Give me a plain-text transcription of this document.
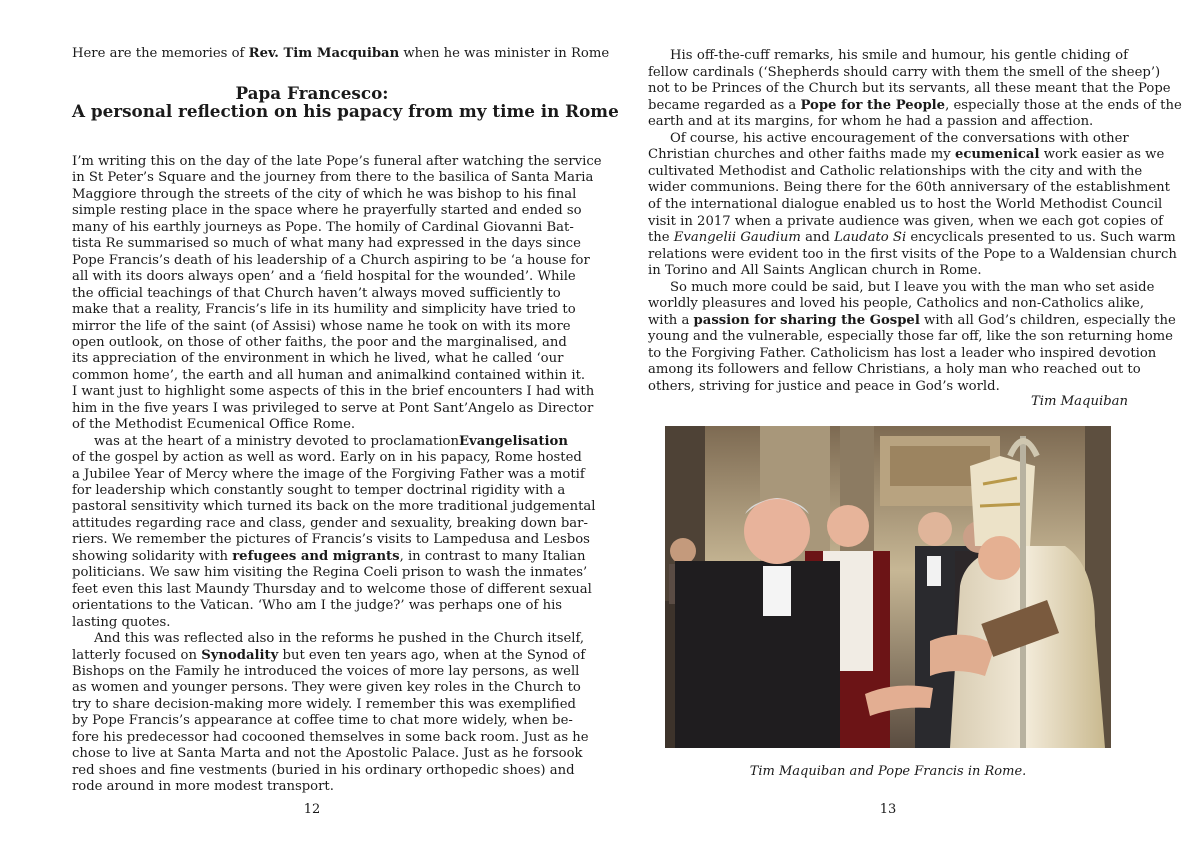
Here are the memories of Rev. Tim Macquiban when he was minister in Rome
Papa Francesco:
A personal reflection on his papacy from my time in Rome
I’m writing this on the day of the late Pope’s funeral after watching the service
in St Peter’s Square and the journey from there to the basilica of Santa Maria
Maggiore through the streets of the city of which he was bishop to his final
simple resting place in the space where he prayerfully started and ended so
many of his earthly journeys as Pope. The homily of Cardinal Giovanni Bat-
tista Re summarised so much of what many had expressed in the days since
Pope Francis’s death of his leadership of a Church aspiring to be ‘a house for
all with its doors always open’ and a ‘field hospital for the wounded’. While
the official teachings of that Church haven’t always moved sufficiently to
make that a reality, Francis’s life in its humility and simplicity have tried to
mirror the life of the saint (of Assisi) whose name he took on with its more
open outlook, on those of other faiths, the poor and the marginalised, and
its appreciation of the environment in which he lived, what he called ‘our
common home’, the earth and all human and animalkind contained within it.
I want just to highlight some aspects of this in the brief encounters I had with
him in the five years I was privileged to serve at Pont Sant’Angelo as Director
of the Methodist Ecumenical Office Rome.
was at the heart of a ministry devoted to proclamationEvangelisation
of the gospel by action as well as word. Early on in his papacy, Rome hosted
a Jubilee Year of Mercy where the image of the Forgiving Father was a motif
for leadership which constantly sought to temper doctrinal rigidity with a
pastoral sensitivity which turned its back on the more traditional judgemental
attitudes regarding race and class, gender and sexuality, breaking down bar-
riers. We remember the pictures of Francis’s visits to Lampedusa and Lesbos
showing solidarity with refugees and migrants, in contrast to many Italian
politicians. We saw him visiting the Regina Coeli prison to wash the inmates’
feet even this last Maundy Thursday and to welcome those of different sexual
orientations to the Vatican. ‘Who am I the judge?’ was perhaps one of his
lasting quotes.
And this was reflected also in the reforms he pushed in the Church itself,
latterly focused on Synodality but even ten years ago, when at the Synod of
Bishops on the Family he introduced the voices of more lay persons, as well
as women and younger persons. They were given key roles in the Church to
try to share decision-making more widely. I remember this was exemplified
by Pope Francis’s appearance at coffee time to chat more widely, when be-
fore his predecessor had cocooned themselves in some back room. Just as he
chose to live at Santa Marta and not the Apostolic Palace. Just as he forsook
red shoes and fine vestments (buried in his ordinary orthopedic shoes) and
rode around in more modest transport.
12
His off-the-cuff remarks, his smile and humour, his gentle chiding of
fellow cardinals (‘Shepherds should carry with them the smell of the sheep’)
not to be Princes of the Church but its servants, all these meant that the Pope
became regarded as a Pope for the People, especially those at the ends of the
earth and at its margins, for whom he had a passion and affection.
Of course, his active encouragement of the conversations with other
Christian churches and other faiths made my ecumenical work easier as we
cultivated Methodist and Catholic relationships with the city and with the
wider communions. Being there for the 60th anniversary of the establishment
of the international dialogue enabled us to host the World Methodist Council
visit in 2017 when a private audience was given, when we each got copies of
the Evangelii Gaudium and Laudato Si encyclicals presented to us. Such warm
relations were evident too in the first visits of the Pope to a Waldensian church
in Torino and All Saints Anglican church in Rome.
So much more could be said, but I leave you with the man who set aside
worldly pleasures and loved his people, Catholics and non-Catholics alike,
with a passion for sharing the Gospel with all God’s children, especially the
young and the vulnerable, especially those far off, like the son returning home
to the Forgiving Father. Catholicism has lost a leader who inspired devotion
among its followers and fellow Christians, a holy man who reached out to
others, striving for justice and peace in God’s world.
Tim Maquiban
13
Tim Maquiban and Pope Francis in Rome.
